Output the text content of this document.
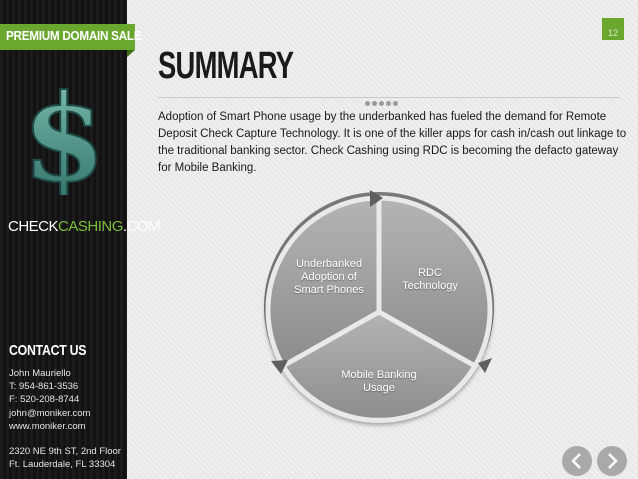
PREMIUM DOMAIN SALE
$
CHECKCASHING.COM
CONTACT US
John Mauriello
T: 954-861-3536
F: 520-208-8744
john@moniker.com
www.moniker.com
2320 NE 9th ST, 2nd Floor
Ft. Lauderdale, FL 33304
12
SUMMARY
Adoption of Smart Phone usage by the underbanked has fueled the demand for Remote Deposit Check Capture Technology. It is one of the killer apps for cash in/cash out linkage to the traditional banking sector. Check Cashing using RDC is becoming the defacto gateway for Mobile Banking.
Underbanked
Adoption of
Smart Phones
RDC
Technology
Mobile Banking
Usage
